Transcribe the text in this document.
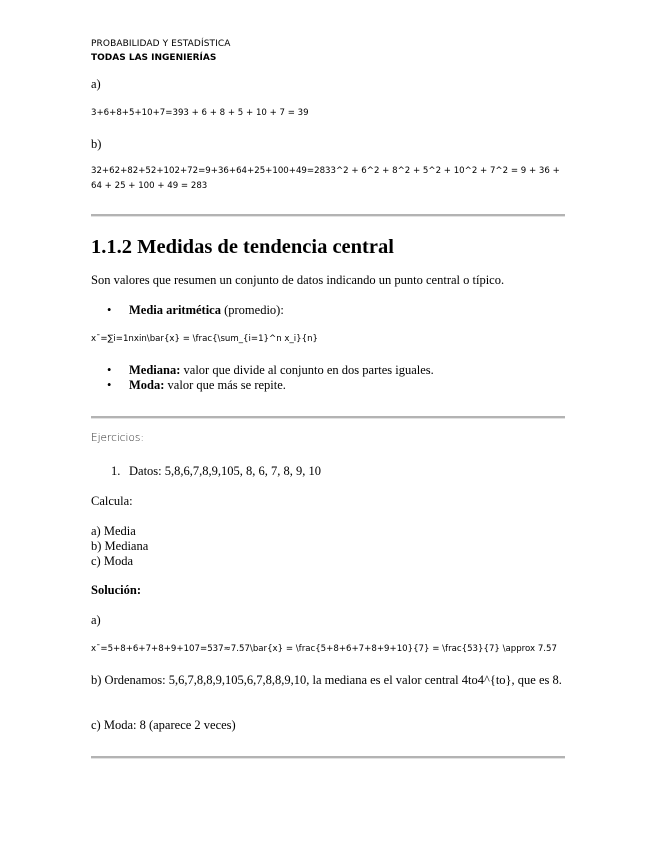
PROBABILIDAD Y ESTADÍSTICA
TODAS LAS INGENIERÍAS
a)
3+6+8+5+10+7=393 + 6 + 8 + 5 + 10 + 7 = 39
b)
32+62+82+52+102+72=9+36+64+25+100+49=2833^2 + 6^2 + 8^2 + 5^2 + 10^2 + 7^2 = 9 + 36 + 64 + 25 + 100 + 49 = 283
1.1.2 Medidas de tendencia central
Son valores que resumen un conjunto de datos indicando un punto central o típico.
• Media aritmética (promedio):
x¯=∑i=1nxin\bar{x} = \frac{\sum_{i=1}^n x_i}{n}
• Mediana: valor que divide al conjunto en dos partes iguales.
• Moda: valor que más se repite.
Ejercicios:
1. Datos: 5,8,6,7,8,9,105, 8, 6, 7, 8, 9, 10
Calcula:
a) Media
b) Mediana
c) Moda
Solución:
a)
x¯=5+8+6+7+8+9+107=537≈7.57\bar{x} = \frac{5+8+6+7+8+9+10}{7} = \frac{53}{7} \approx 7.57
b) Ordenamos: 5,6,7,8,8,9,105,6,7,8,8,9,10, la mediana es el valor central 4to4^{to}, que es 8.
c) Moda: 8 (aparece 2 veces)
